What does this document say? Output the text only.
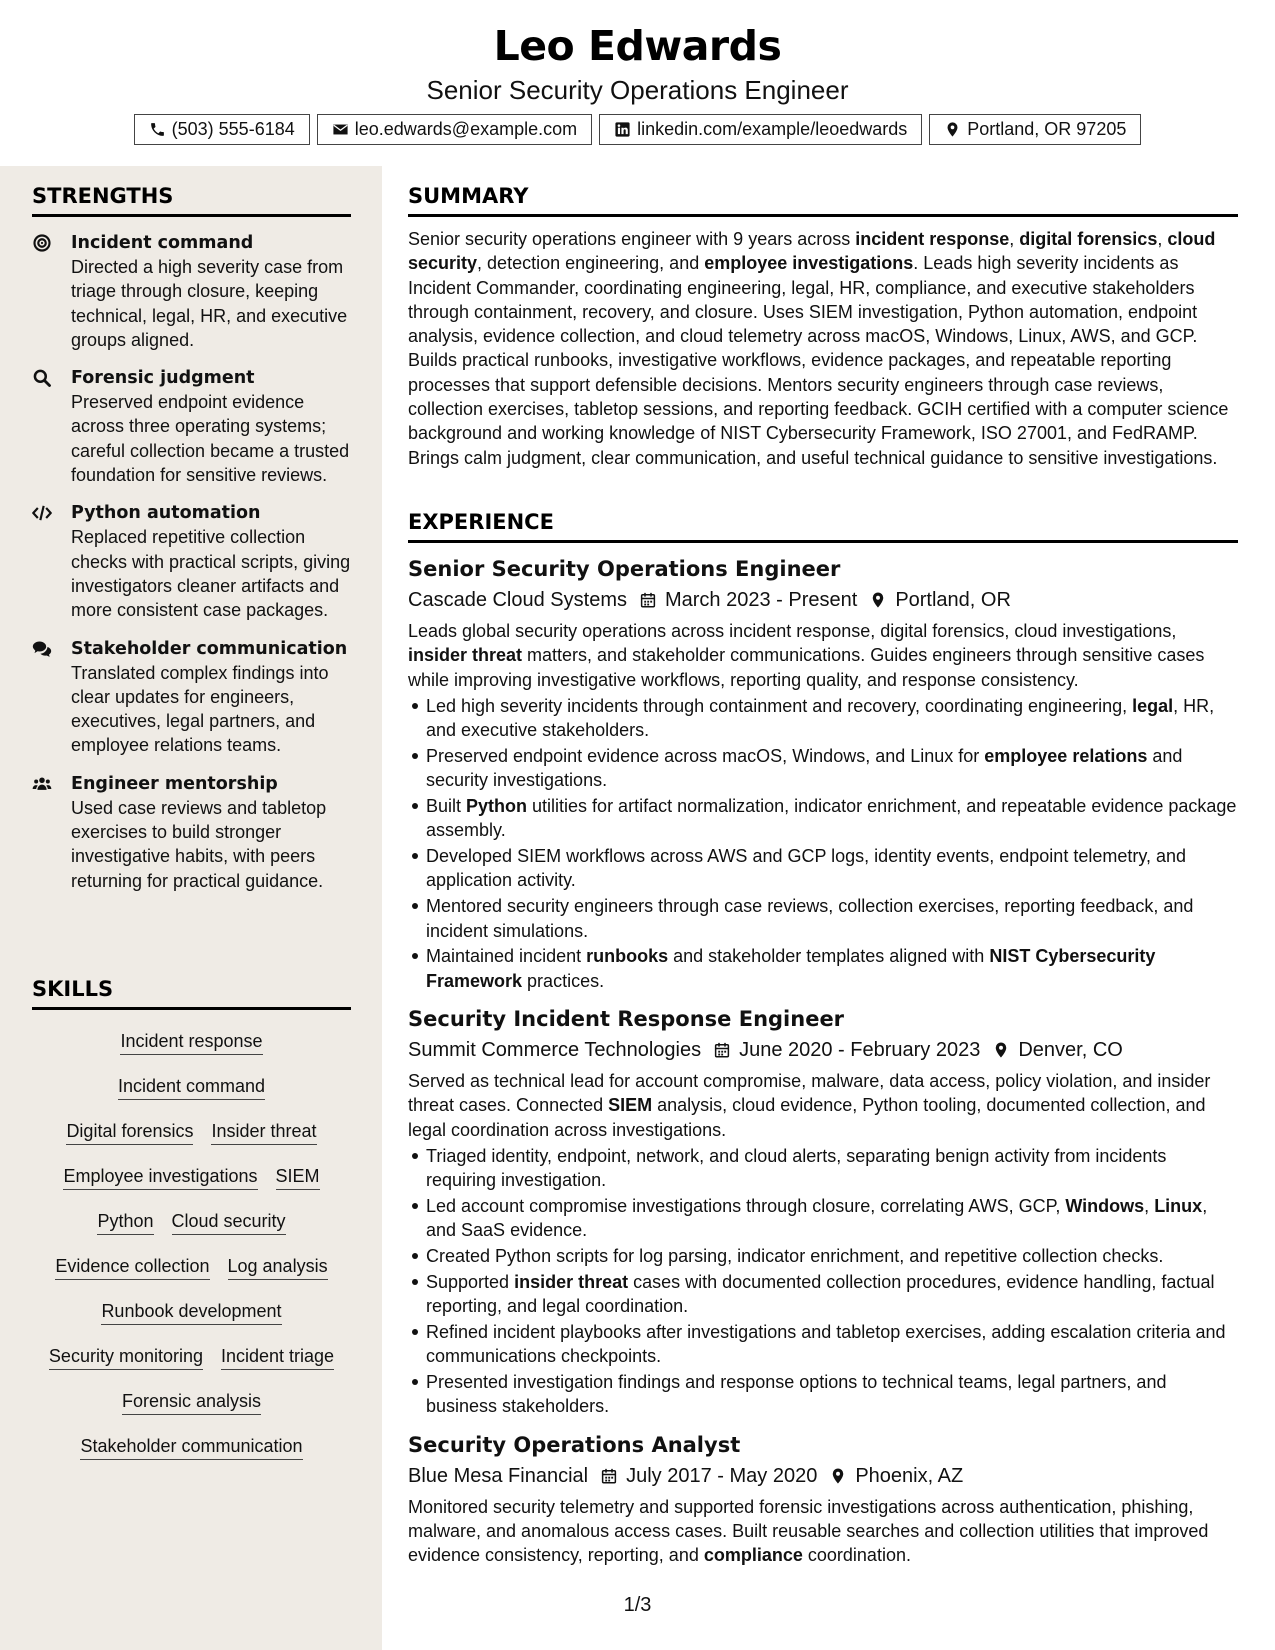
Leo Edwards
Senior Security Operations Engineer
(503) 555-6184	leo.edwards@example.com	linkedin.com/example/leoedwards	Portland, OR 97205
STRENGTHS
Incident command
Directed a high severity case from triage through closure, keeping technical, legal, HR, and executive groups aligned.
Forensic judgment
Preserved endpoint evidence across three operating systems; careful collection became a trusted foundation for sensitive reviews.
Python automation
Replaced repetitive collection checks with practical scripts, giving investigators cleaner artifacts and more consistent case packages.
Stakeholder communication
Translated complex findings into clear updates for engineers, executives, legal partners, and employee relations teams.
Engineer mentorship
Used case reviews and tabletop exercises to build stronger investigative habits, with peers returning for practical guidance.
SKILLS
Incident response
Incident command
Digital forensics Insider threat
Employee investigations SIEM
Python Cloud security
Evidence collection Log analysis
Runbook development
Security monitoring Incident triage
Forensic analysis
Stakeholder communication
SUMMARY
Senior security operations engineer with 9 years across incident response, digital forensics, cloud security, detection engineering, and employee investigations. Leads high severity incidents as Incident Commander, coordinating engineering, legal, HR, compliance, and executive stakeholders through containment, recovery, and closure. Uses SIEM investigation, Python automation, endpoint analysis, evidence collection, and cloud telemetry across macOS, Windows, Linux, AWS, and GCP. Builds practical runbooks, investigative workflows, evidence packages, and repeatable reporting processes that support defensible decisions. Mentors security engineers through case reviews, collection exercises, tabletop sessions, and reporting feedback. GCIH certified with a computer science background and working knowledge of NIST Cybersecurity Framework, ISO 27001, and FedRAMP. Brings calm judgment, clear communication, and useful technical guidance to sensitive investigations.
EXPERIENCE
Senior Security Operations Engineer
Cascade Cloud Systems March 2023 - Present Portland, OR
Leads global security operations across incident response, digital forensics, cloud investigations, insider threat matters, and stakeholder communications. Guides engineers through sensitive cases while improving investigative workflows, reporting quality, and response consistency.
Led high severity incidents through containment and recovery, coordinating engineering, legal, HR, and executive stakeholders.
Preserved endpoint evidence across macOS, Windows, and Linux for employee relations and security investigations.
Built Python utilities for artifact normalization, indicator enrichment, and repeatable evidence package assembly.
Developed SIEM workflows across AWS and GCP logs, identity events, endpoint telemetry, and application activity.
Mentored security engineers through case reviews, collection exercises, reporting feedback, and incident simulations.
Maintained incident runbooks and stakeholder templates aligned with NIST Cybersecurity Framework practices.
Security Incident Response Engineer
Summit Commerce Technologies June 2020 - February 2023 Denver, CO
Served as technical lead for account compromise, malware, data access, policy violation, and insider threat cases. Connected SIEM analysis, cloud evidence, Python tooling, documented collection, and legal coordination across investigations.
Triaged identity, endpoint, network, and cloud alerts, separating benign activity from incidents requiring investigation.
Led account compromise investigations through closure, correlating AWS, GCP, Windows, Linux, and SaaS evidence.
Created Python scripts for log parsing, indicator enrichment, and repetitive collection checks.
Supported insider threat cases with documented collection procedures, evidence handling, factual reporting, and legal coordination.
Refined incident playbooks after investigations and tabletop exercises, adding escalation criteria and communications checkpoints.
Presented investigation findings and response options to technical teams, legal partners, and business stakeholders.
Security Operations Analyst
Blue Mesa Financial July 2017 - May 2020 Phoenix, AZ
Monitored security telemetry and supported forensic investigations across authentication, phishing, malware, and anomalous access cases. Built reusable searches and collection utilities that improved evidence consistency, reporting, and compliance coordination.
1/3
